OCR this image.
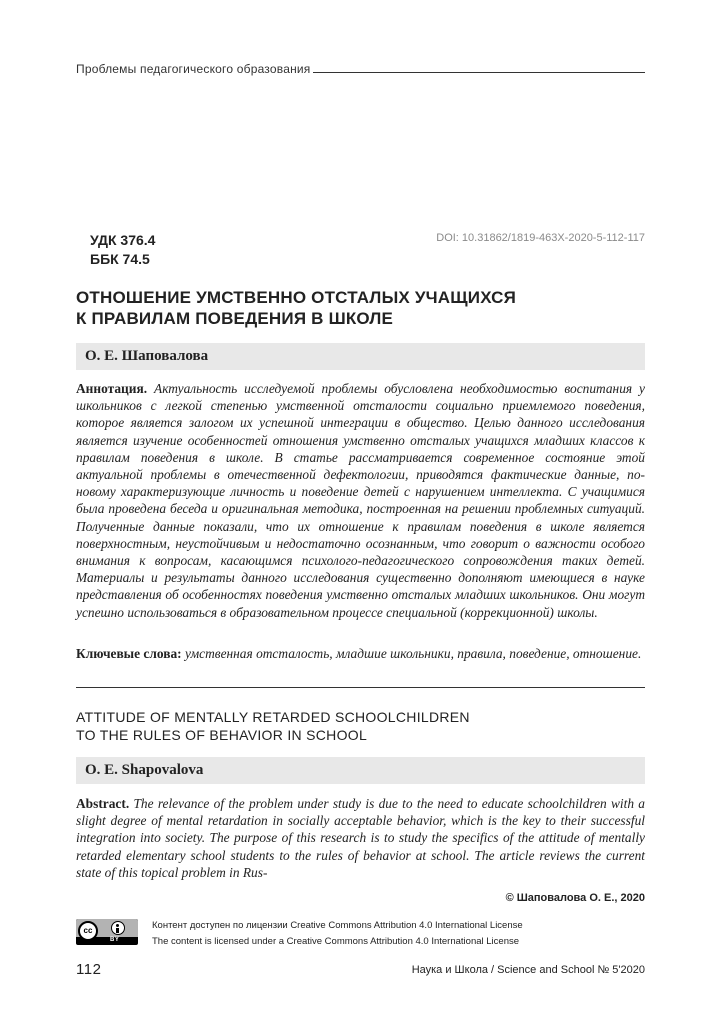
Проблемы педагогического образования
УДК 376.4
ББК 74.5
DOI: 10.31862/1819-463X-2020-5-112-117
ОТНОШЕНИЕ УМСТВЕННО ОТСТАЛЫХ УЧАЩИХСЯ
К ПРАВИЛАМ ПОВЕДЕНИЯ В ШКОЛЕ
О. Е. Шаповалова
Аннотация. Актуальность исследуемой проблемы обусловлена необходимостью воспитания у школьников с легкой степенью умственной отсталости социально приемлемого поведения, которое является залогом их успешной интеграции в общество. Целью данного исследования является изучение особенностей отношения умственно отсталых учащихся младших классов к правилам поведения в школе. В статье рассматривается современное состояние этой актуальной проблемы в отечественной дефектологии, приводятся фактические данные, по-новому характеризующие личность и поведение детей с нарушением интеллекта. С учащимися была проведена беседа и оригинальная методика, построенная на решении проблемных ситуаций. Полученные данные показали, что их отношение к правилам поведения в школе является поверхностным, неустойчивым и недостаточно осознанным, что говорит о важности особого внимания к вопросам, касающимся психолого-педагогического сопровождения таких детей. Материалы и результаты данного исследования существенно дополняют имеющиеся в науке представления об особенностях поведения умственно отсталых младших школьников. Они могут успешно использоваться в образовательном процессе специальной (коррекционной) школы.
Ключевые слова: умственная отсталость, младшие школьники, правила, поведение, отношение.
ATTITUDE OF MENTALLY RETARDED SCHOOLCHILDREN
TO THE RULES OF BEHAVIOR IN SCHOOL
O. E. Shapovalova
Abstract. The relevance of the problem under study is due to the need to educate schoolchildren with a slight degree of mental retardation in socially acceptable behavior, which is the key to their successful integration into society. The purpose of this research is to study the specifics of the attitude of mentally retarded elementary school students to the rules of behavior at school. The article reviews the current state of this topical problem in Rus-
© Шаповалова О. Е., 2020
cc
BY
Контент доступен по лицензии Creative Commons Attribution 4.0 International License
The content is licensed under a Creative Commons Attribution 4.0 International License
112	Наука и Школа / Science and School № 5'2020
